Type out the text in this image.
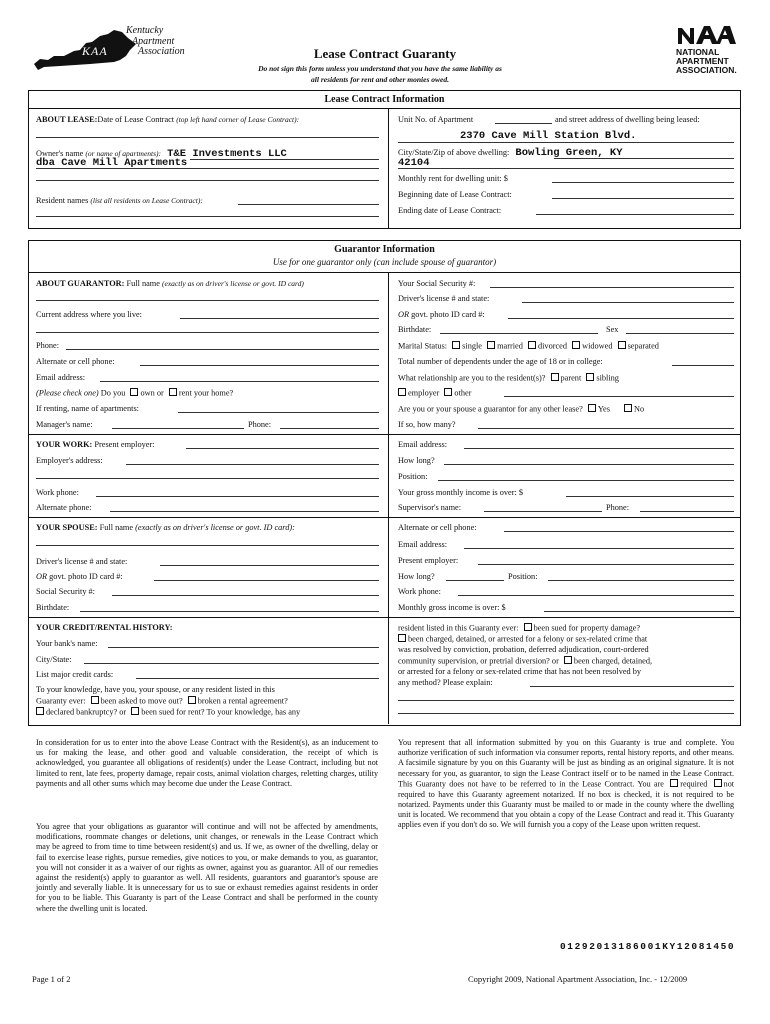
KAA
Kentucky
Apartment
Association	Lease Contract Guaranty
Do not sign this form unless you understand that you have the same liability as
all residents for rent and other monies owed.
NATIONAL
APARTMENT
ASSOCIATION.
Lease Contract Information
ABOUT LEASE:Date of Lease Contract (top left hand corner of Lease Contract):
Owner's name (or name of apartments): T&E Investments LLC
dba Cave Mill Apartments
Resident names (list all residents on Lease Contract):
Unit No. of Apartment	and street address of dwelling being leased:
2370 Cave Mill Station Blvd.
City/State/Zip of above dwelling: Bowling Green, KY
42104
Monthly rent for dwelling unit: $
Beginning date of Lease Contract:
Ending date of Lease Contract:
Guarantor Information
Use for one guarantor only (can include spouse of guarantor)
ABOUT GUARANTOR: Full name (exactly as on driver's license or govt. ID card)
Current address where you live:
Phone:
Alternate or cell phone:
Email address:
(Please check one) Do you own or rent your home?
If renting, name of apartments:
Manager's name:	Phone:
Your Social Security #:
Driver's license # and state:
OR govt. photo ID card #:
Birthdate:	Sex
Marital Status: single married divorced widowed separated
Total number of dependents under the age of 18 or in college:
What relationship are you to the resident(s)? parent sibling
employer other
Are you or your spouse a guarantor for any other lease? Yes	No
If so, how many?
YOUR WORK: Present employer:
Employer's address:
Work phone:
Alternate phone:
Email address:
How long?
Position:
Your gross monthly income is over: $
Supervisor's name:	Phone:
YOUR SPOUSE: Full name (exactly as on driver's license or govt. ID card):
Driver's license # and state:
OR govt. photo ID card #:
Social Security #:
Birthdate:
Alternate or cell phone:
Email address:
Present employer:
How long?	Position:
Work phone:
Monthly gross income is over: $
YOUR CREDIT/RENTAL HISTORY:
Your bank's name:
City/State:
List major credit cards:
To your knowledge, have you, your spouse, or any resident listed in this
Guaranty ever: been asked to move out? broken a rental agreement?
declared bankruptcy? or been sued for rent? To your knowledge, has any
resident listed in this Guaranty ever: been sued for property damage?
been charged, detained, or arrested for a felony or sex-related crime that
was resolved by conviction, probation, deferred adjudication, court-ordered
community supervision, or pretrial diversion? or been charged, detained,
or arrested for a felony or sex-related crime that has not been resolved by
any method? Please explain:
In consideration for us to enter into the above Lease Contract with the Resident(s), as an inducement to us for making the lease, and other good and valuable consideration, the receipt of which is acknowledged, you guarantee all obligations of resident(s) under the Lease Contract, including but not limited to rent, late fees, property damage, repair costs, animal violation charges, reletting charges, utility payments and all other sums which may become due under the Lease Contract.
You agree that your obligations as guarantor will continue and will not be affected by amendments, modifications, roommate changes or deletions, unit changes, or renewals in the Lease Contract which may be agreed to from time to time between resident(s) and us. If we, as owner of the dwelling, delay or fail to exercise lease rights, pursue remedies, give notices to you, or make demands to you, as guarantor, you will not consider it as a waiver of our rights as owner, against you as guarantor. All of our remedies against the resident(s) apply to guarantor as well. All residents, guarantors and guarantor's spouse are jointly and severally liable. It is unnecessary for us to sue or exhaust remedies against residents in order for you to be liable. This Guaranty is part of the Lease Contract and shall be performed in the county where the dwelling unit is located.
You represent that all information submitted by you on this Guaranty is true and complete. You authorize verification of such information via consumer reports, rental history reports, and other means. A facsimile signature by you on this Guaranty will be just as binding as an original signature. It is not necessary for you, as guarantor, to sign the Lease Contract itself or to be named in the Lease Contract. This Guaranty does not have to be referred to in the Lease Contract. You are required not required to have this Guaranty agreement notarized. If no box is checked, it is not required to be notarized. Payments under this Guaranty must be mailed to or made in the county where the dwelling unit is located. We recommend that you obtain a copy of the Lease Contract and read it. This Guaranty applies even if you don't do so. We will furnish you a copy of the Lease upon written request.
01292013186001KY12081450
Page 1 of 2	Copyright 2009, National Apartment Association, Inc. - 12/2009
